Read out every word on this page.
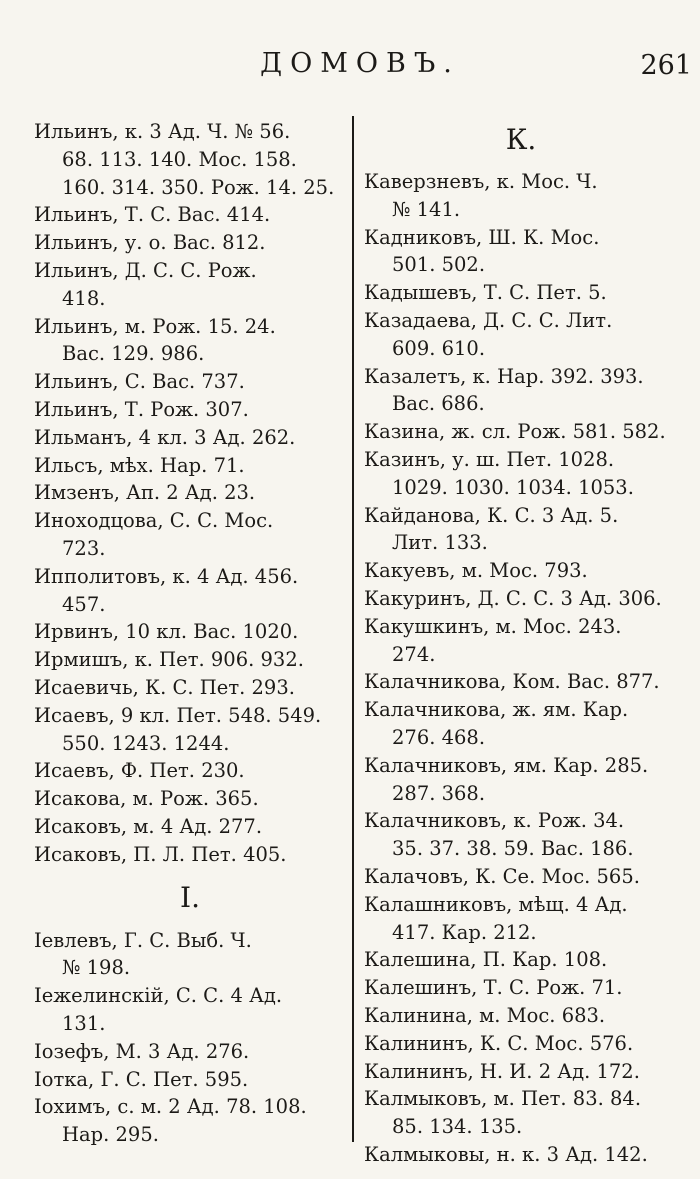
ДОМОВЪ.	261
Ильинъ, к. 3 Ад. Ч. № 56.
68. 113. 140. Мос. 158.
160. 314. 350. Рож. 14. 25.
Ильинъ, Т. С. Вас. 414.
Ильинъ, у. о. Вас. 812.
Ильинъ, Д. С. С. Рож.
418.
Ильинъ, м. Рож. 15. 24.
Вас. 129. 986.
Ильинъ, С. Вас. 737.
Ильинъ, Т. Рож. 307.
Ильманъ, 4 кл. 3 Ад. 262.
Ильсъ, мѣх. Нар. 71.
Имзенъ, Ап. 2 Ад. 23.
Иноходцова, С. С. Мос.
723.
Ипполитовъ, к. 4 Ад. 456.
457.
Ирвинъ, 10 кл. Вас. 1020.
Ирмишъ, к. Пет. 906. 932.
Исаевичь, К. С. Пет. 293.
Исаевъ, 9 кл. Пет. 548. 549.
550. 1243. 1244.
Исаевъ, Ф. Пет. 230.
Исакова, м. Рож. 365.
Исаковъ, м. 4 Ад. 277.
Исаковъ, П. Л. Пет. 405.
I.
Іевлевъ, Г. С. Выб. Ч.
№ 198.
Іежелинскій, С. С. 4 Ад.
131.
Іозефъ, М. 3 Ад. 276.
Іотка, Г. С. Пет. 595.
Іохимъ, с. м. 2 Ад. 78. 108.
Нар. 295.
К.
Каверзневъ, к. Мос. Ч.
№ 141.
Кадниковъ, Ш. К. Мос.
501. 502.
Кадышевъ, Т. С. Пет. 5.
Казадаева, Д. С. С. Лит.
609. 610.
Казалетъ, к. Нар. 392. 393.
Вас. 686.
Казина, ж. сл. Рож. 581. 582.
Казинъ, у. ш. Пет. 1028.
1029. 1030. 1034. 1053.
Кайданова, К. С. 3 Ад. 5.
Лит. 133.
Какуевъ, м. Мос. 793.
Какуринъ, Д. С. С. 3 Ад. 306.
Какушкинъ, м. Мос. 243.
274.
Калачникова, Ком. Вас. 877.
Калачникова, ж. ям. Кар.
276. 468.
Калачниковъ, ям. Кар. 285.
287. 368.
Калачниковъ, к. Рож. 34.
35. 37. 38. 59. Вас. 186.
Калачовъ, К. Се. Мос. 565.
Калашниковъ, мѣщ. 4 Ад.
417. Кар. 212.
Калешина, П. Кар. 108.
Калешинъ, Т. С. Рож. 71.
Калинина, м. Мос. 683.
Калининъ, К. С. Мос. 576.
Калининъ, Н. И. 2 Ад. 172.
Калмыковъ, м. Пет. 83. 84.
85. 134. 135.
Калмыковы, н. к. 3 Ад. 142.
